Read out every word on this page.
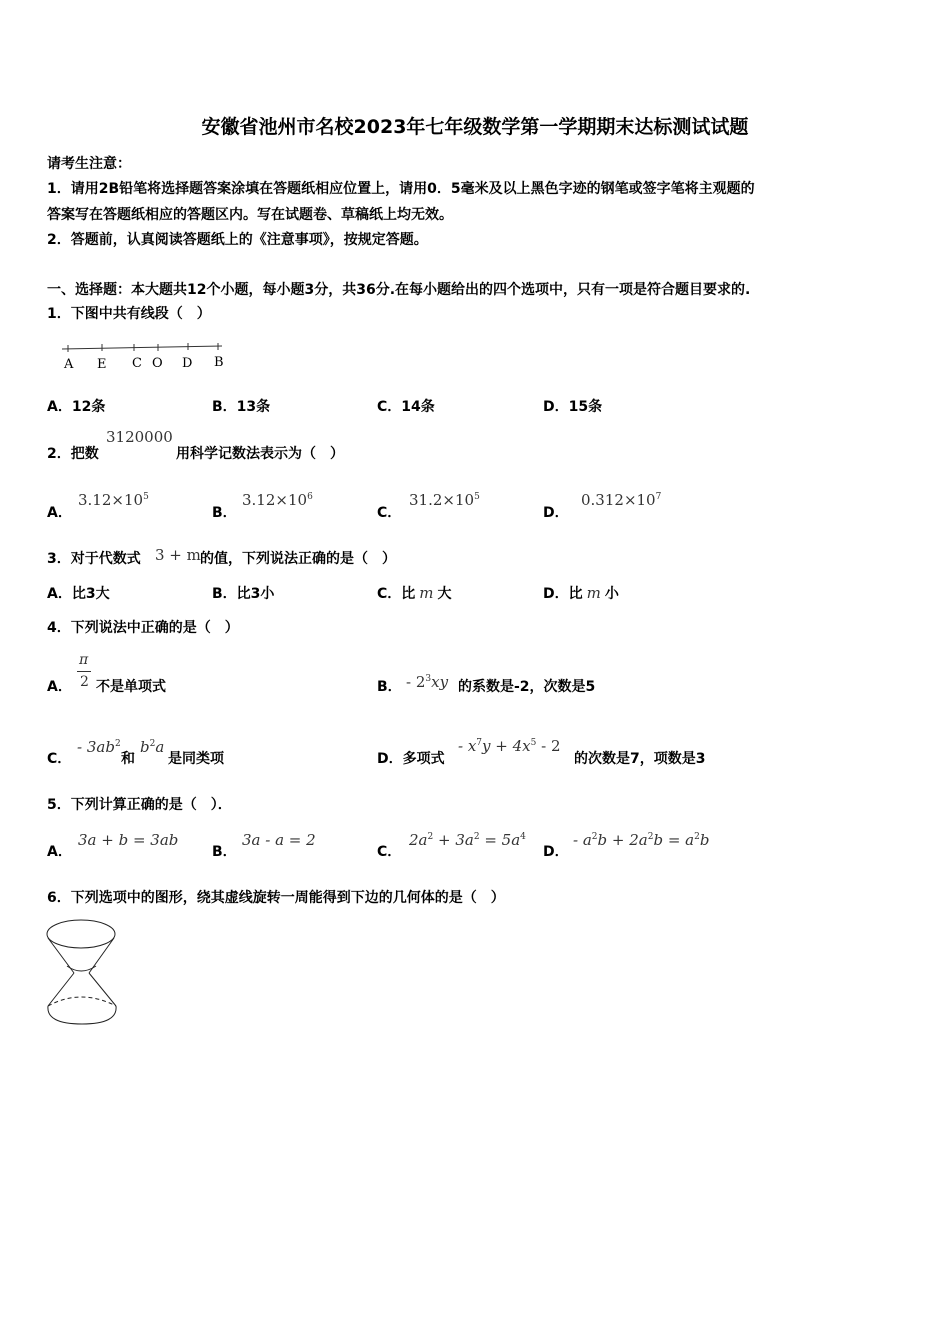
安徽省池州市名校2023年七年级数学第一学期期末达标测试试题
请考生注意：
1．请用2B铅笔将选择题答案涂填在答题纸相应位置上，请用0．5毫米及以上黑色字迹的钢笔或签字笔将主观题的
答案写在答题纸相应的答题区内。写在试题卷、草稿纸上均无效。
2．答题前，认真阅读答题纸上的《注意事项》，按规定答题。
一、选择题：本大题共12个小题，每小题3分，共36分.在每小题给出的四个选项中，只有一项是符合题目要求的.
1．下图中共有线段（　）
A E C O D B
A．12条	B．13条	C．14条	D．15条
2．把数
3120000
用科学记数法表示为（　）
A．
$3.12\times 10^5$
B．
$3.12\times 10^6$
C．
$31.2\times 10^5$
D．
$0.312\times 10^7$
3．对于代数式 3 + m 的值，下列说法正确的是（　）
A．比3大	B．比3小	C．比 m 大	D．比 m 小
4．下列说法中正确的是（　）
A．
π
2 不是单项式	B． - $2^3xy$ 的系数是-2，次数是5
C．
- $3ab^2$
和
$b^2a$
是同类项	D．多项式
- $x^7y + 4x^5 - 2$
的次数是7，项数是3
5．下列计算正确的是（　）．
A．
3a + b = 3ab
B．
3a - a = 2
C．
$2a^2 + 3a^2 = 5a^4$
D．
- $a^2b + 2a^2b = a^2b$
6．下列选项中的图形，绕其虚线旋转一周能得到下边的几何体的是（　）
